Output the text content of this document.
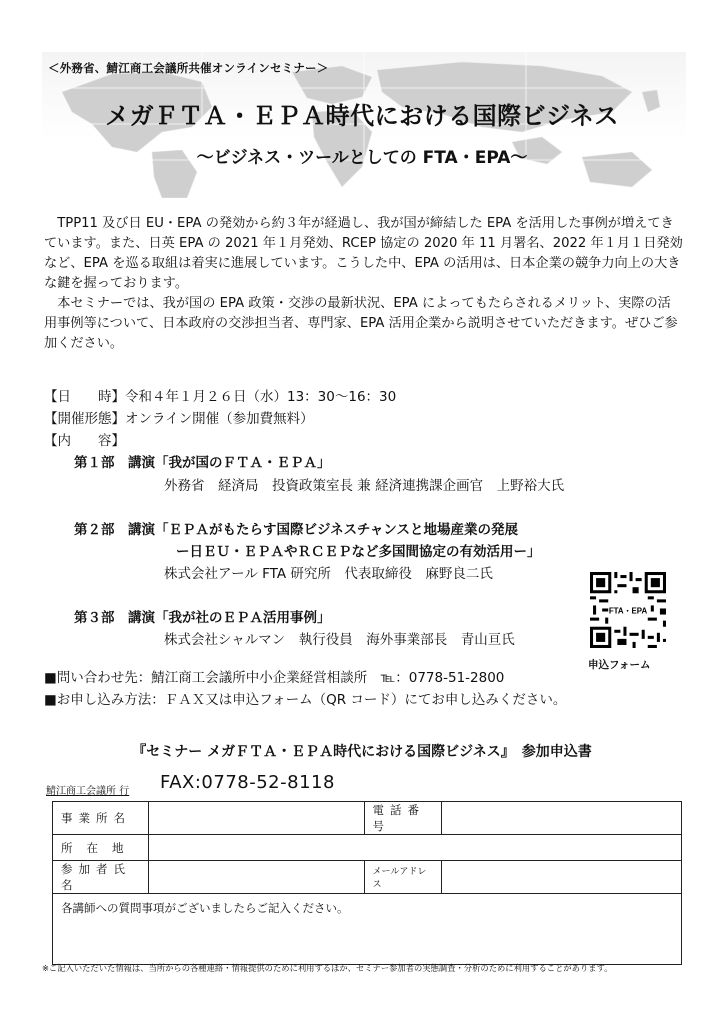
＜外務省、鯖江商工会議所共催オンラインセミナー＞
メガＦＴＡ・ＥＰＡ時代における国際ビジネス
～ビジネス・ツールとしての FTA・EPA～

TPP11 及び日 EU・EPA の発効から約３年が経過し、我が国が締結した EPA を活用した事例が増えてきています。また、日英 EPA の 2021 年１月発効、RCEP 協定の 2020 年 11 月署名、2022 年１月１日発効など、EPA を巡る取組は着実に進展しています。こうした中、EPA の活用は、日本企業の競争力向上の大きな鍵を握っております。

本セミナーでは、我が国の EPA 政策・交渉の最新状況、EPA によってもたらされるメリット、実際の活用事例等について、日本政府の交渉担当者、専門家、EPA 活用企業から説明させていただきます。ぜひご参加ください。

【日　　時】令和４年１月２６日（水）13：30～16：30
【開催形態】オンライン開催（参加費無料）
【内　　容】
第１部　講演「我が国のＦＴＡ・ＥＰＡ」
外務省　経済局　投資政策室長 兼 経済連携課企画官　上野裕大氏
第２部　講演「ＥＰＡがもたらす国際ビジネスチャンスと地場産業の発展
ー日ＥＵ・ＥＰＡやＲＣＥＰなど多国間協定の有効活用ー」
株式会社アール FTA 研究所　代表取締役　麻野良二氏
第３部　講演「我が社のＥＰＡ活用事例」
株式会社シャルマン　執行役員　海外事業部長　青山亘氏
■問い合わせ先：鯖江商工会議所中小企業経営相談所　℡：0778-51-2800
■お申し込み方法：ＦＡＸ又は申込フォーム（QR コード）にてお申し込みください。
FTA・EPA
申込フォーム
『セミナー メガＦＴＡ・ＥＰＡ時代における国際ビジネス』　参加申込書
鯖江商工会議所 行 FAX:0778-52-8118
事業所名		電話番号	
所在地			
参加者氏名		メールアドレス	
各講師への質問事項がございましたらご記入ください。			
※ご記入いただいた情報は、当所からの各種連絡・情報提供のために利用するほか、セミナー参加者の実態調査・分析のために利用することがあります。
